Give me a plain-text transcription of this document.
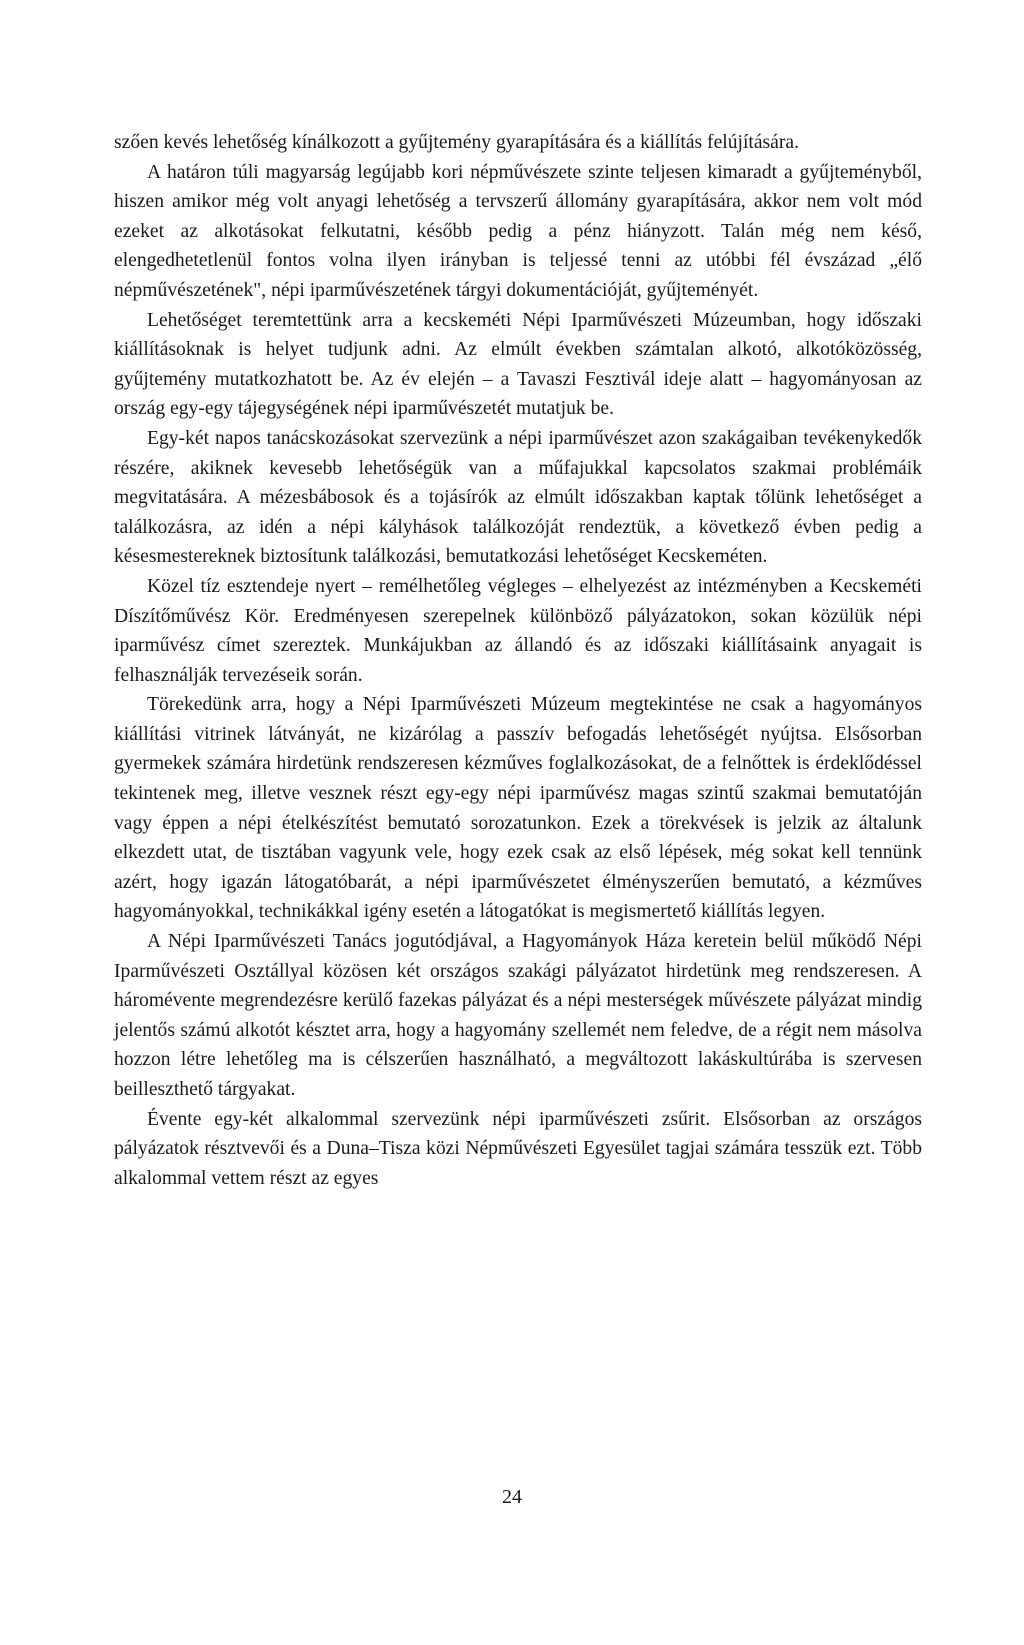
szően kevés lehetőség kínálkozott a gyűjtemény gyarapítására és a kiállítás felújítására.

A határon túli magyarság legújabb kori népművészete szinte teljesen kimaradt a gyűjteményből, hiszen amikor még volt anyagi lehetőség a tervszerű állomány gyarapítására, akkor nem volt mód ezeket az alkotásokat felkutatni, később pedig a pénz hiányzott. Talán még nem késő, elengedhetetlenül fontos volna ilyen irányban is teljessé tenni az utóbbi fél évszázad „élő népművészetének", népi iparművészetének tárgyi dokumentációját, gyűjteményét.

Lehetőséget teremtettünk arra a kecskeméti Népi Iparművészeti Múzeumban, hogy időszaki kiállításoknak is helyet tudjunk adni. Az elmúlt években számtalan alkotó, alkotóközösség, gyűjtemény mutatkozhatott be. Az év elején – a Tavaszi Fesztivál ideje alatt – hagyományosan az ország egy-egy tájegységének népi iparművészetét mutatjuk be.

Egy-két napos tanácskozásokat szervezünk a népi iparművészet azon szakágaiban tevékenykedők részére, akiknek kevesebb lehetőségük van a műfajukkal kapcsolatos szakmai problémáik megvitatására. A mézesbábosok és a tojásírók az elmúlt időszakban kaptak tőlünk lehetőséget a találkozásra, az idén a népi kályhások találkozóját rendeztük, a következő évben pedig a késesmestereknek biztosítunk találkozási, bemutatkozási lehetőséget Kecskeméten.

Közel tíz esztendeje nyert – remélhetőleg végleges – elhelyezést az intézményben a Kecskeméti Díszítőművész Kör. Eredményesen szerepelnek különböző pályázatokon, sokan közülük népi iparművész címet szereztek. Munkájukban az állandó és az időszaki kiállításaink anyagait is felhasználják tervezéseik során.

Törekedünk arra, hogy a Népi Iparművészeti Múzeum megtekintése ne csak a hagyományos kiállítási vitrinek látványát, ne kizárólag a passzív befogadás lehetőségét nyújtsa. Elsősorban gyermekek számára hirdetünk rendszeresen kézműves foglalkozásokat, de a felnőttek is érdeklődéssel tekintenek meg, illetve vesznek részt egy-egy népi iparművész magas szintű szakmai bemutatóján vagy éppen a népi ételkészítést bemutató sorozatunkon. Ezek a törekvések is jelzik az általunk elkezdett utat, de tisztában vagyunk vele, hogy ezek csak az első lépések, még sokat kell tennünk azért, hogy igazán látogatóbarát, a népi iparművészetet élményszerűen bemutató, a kézműves hagyományokkal, technikákkal igény esetén a látogatókat is megismertető kiállítás legyen.

A Népi Iparművészeti Tanács jogutódjával, a Hagyományok Háza keretein belül működő Népi Iparművészeti Osztállyal közösen két országos szakági pályázatot hirdetünk meg rendszeresen. A háromévente megrendezésre kerülő fazekas pályázat és a népi mesterségek művészete pályázat mindig jelentős számú alkotót késztet arra, hogy a hagyomány szellemét nem feledve, de a régit nem másolva hozzon létre lehetőleg ma is célszerűen használható, a megváltozott lakáskultúrába is szervesen beilleszthető tárgyakat.

Évente egy-két alkalommal szervezünk népi iparművészeti zsűrit. Elsősorban az országos pályázatok résztvevői és a Duna–Tisza közi Népművészeti Egyesület tagjai számára tesszük ezt. Több alkalommal vettem részt az egyes

24
